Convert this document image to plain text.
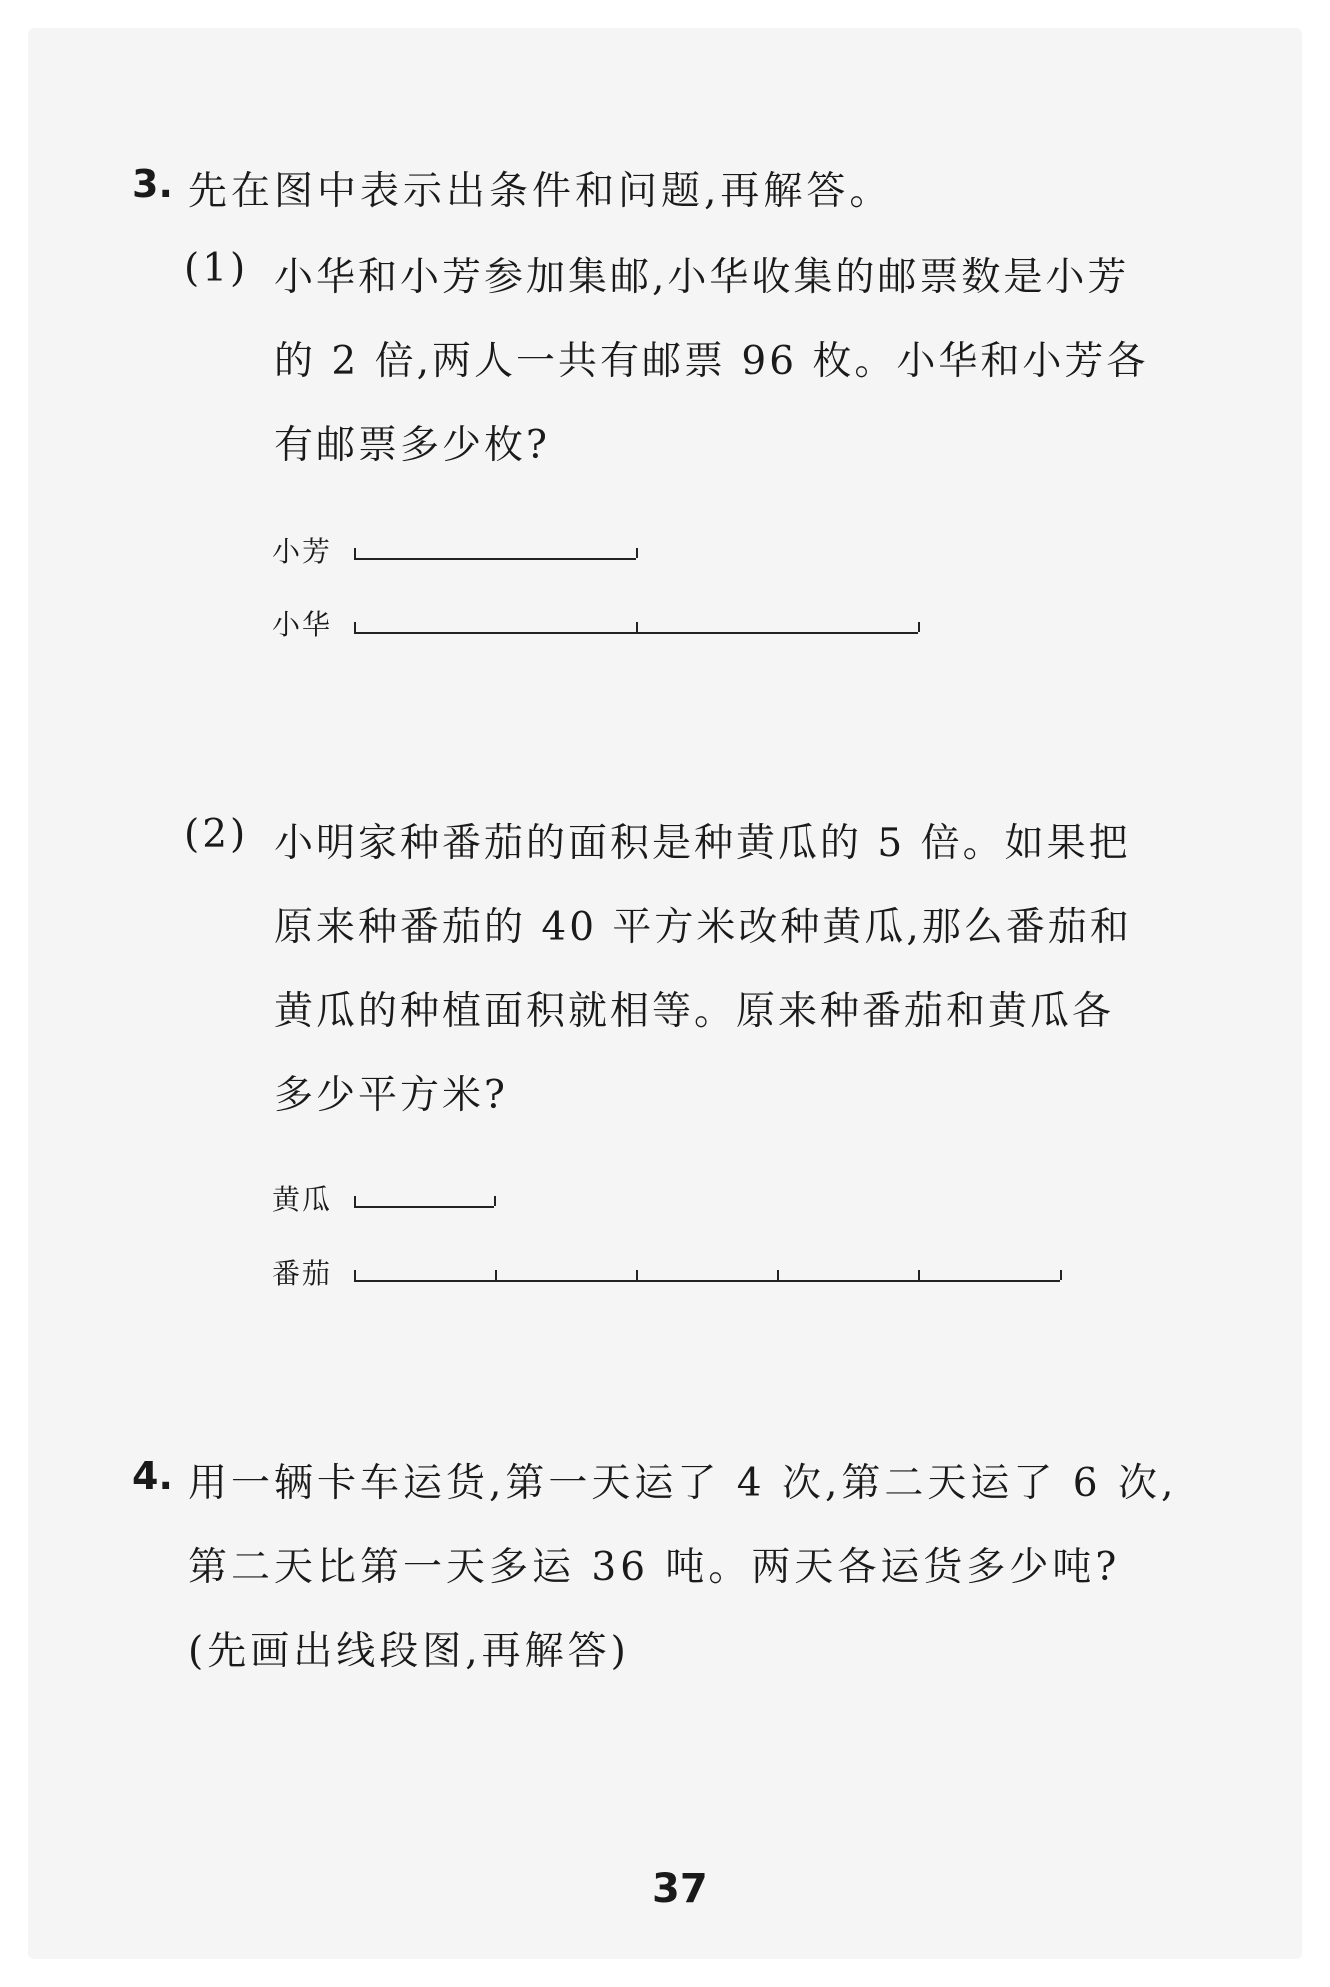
3. 先在图中表示出条件和问题,再解答。
(1) 小华和小芳参加集邮,小华收集的邮票数是小芳
的 2 倍,两人一共有邮票 96 枚。小华和小芳各
有邮票多少枚?
小芳
小华
(2) 小明家种番茄的面积是种黄瓜的 5 倍。如果把
原来种番茄的 40 平方米改种黄瓜,那么番茄和
黄瓜的种植面积就相等。原来种番茄和黄瓜各
多少平方米?
黄瓜
番茄
4. 用一辆卡车运货,第一天运了 4 次,第二天运了 6 次,
第二天比第一天多运 36 吨。两天各运货多少吨?
(先画出线段图,再解答)
37
